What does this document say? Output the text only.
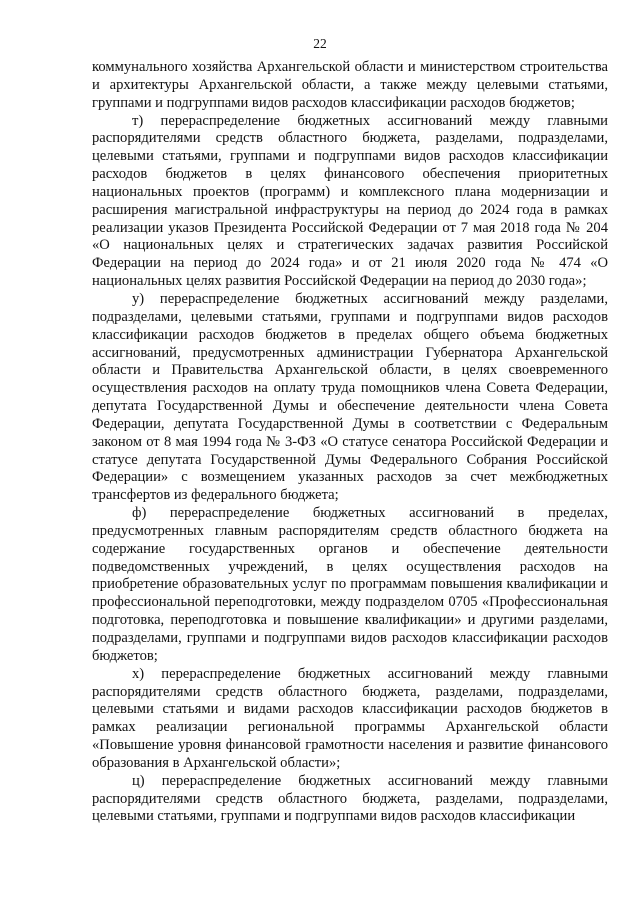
22

коммунального хозяйства Архангельской области и министерством строительства и архитектуры Архангельской области, а также между целевыми статьями, группами и подгруппами видов расходов классификации расходов бюджетов;

т) перераспределение бюджетных ассигнований между главными распорядителями средств областного бюджета, разделами, подразделами, целевыми статьями, группами и подгруппами видов расходов классификации расходов бюджетов в целях финансового обеспечения приоритетных национальных проектов (программ) и комплексного плана модернизации и расширения магистральной инфраструктуры на период до 2024 года в рамках реализации указов Президента Российской Федерации от 7 мая 2018 года № 204 «О национальных целях и стратегических задачах развития Российской Федерации на период до 2024 года» и от 21 июля 2020 года № 474 «О национальных целях развития Российской Федерации на период до 2030 года»;

у) перераспределение бюджетных ассигнований между разделами, подразделами, целевыми статьями, группами и подгруппами видов расходов классификации расходов бюджетов в пределах общего объема бюджетных ассигнований, предусмотренных администрации Губернатора Архангельской области и Правительства Архангельской области, в целях своевременного осуществления расходов на оплату труда помощников члена Совета Федерации, депутата Государственной Думы и обеспечение деятельности члена Совета Федерации, депутата Государственной Думы в соответствии с Федеральным законом от 8 мая 1994 года № 3-ФЗ «О статусе сенатора Российской Федерации и статусе депутата Государственной Думы Федерального Собрания Российской Федерации» с возмещением указанных расходов за счет межбюджетных трансфертов из федерального бюджета;

ф) перераспределение бюджетных ассигнований в пределах, предусмотренных главным распорядителям средств областного бюджета на содержание государственных органов и обеспечение деятельности подведомственных учреждений, в целях осуществления расходов на приобретение образовательных услуг по программам повышения квалификации и профессиональной переподготовки, между подразделом 0705 «Профессиональная подготовка, переподготовка и повышение квалификации» и другими разделами, подразделами, группами и подгруппами видов расходов классификации расходов бюджетов;

х) перераспределение бюджетных ассигнований между главными распорядителями средств областного бюджета, разделами, подразделами, целевыми статьями и видами расходов классификации расходов бюджетов в рамках реализации региональной программы Архангельской области «Повышение уровня финансовой грамотности населения и развитие финансового образования в Архангельской области»;

ц) перераспределение бюджетных ассигнований между главными распорядителями средств областного бюджета, разделами, подразделами, целевыми статьями, группами и подгруппами видов расходов классификации
